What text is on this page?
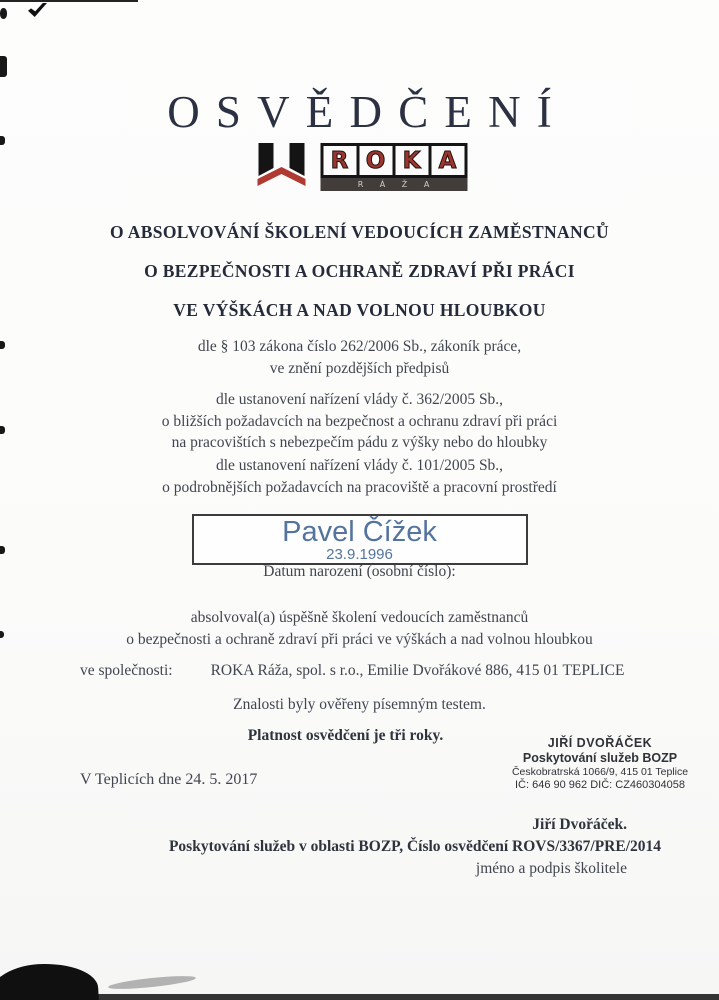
OSVĚDČENÍ
R O K A
R Á Ž A
O ABSOLVOVÁNÍ ŠKOLENÍ VEDOUCÍCH ZAMĚSTNANCŮ
O BEZPEČNOSTI A OCHRANĚ ZDRAVÍ PŘI PRÁCI
VE VÝŠKÁCH A NAD VOLNOU HLOUBKOU
dle § 103 zákona číslo 262/2006 Sb., zákoník práce,
ve znění pozdějších předpisů
dle ustanovení nařízení vlády č. 362/2005 Sb.,
o bližších požadavcích na bezpečnost a ochranu zdraví při práci
na pracovištích s nebezpečím pádu z výšky nebo do hloubky
dle ustanovení nařízení vlády č. 101/2005 Sb.,
o podrobnějších požadavcích na pracoviště a pracovní prostředí
Pavel Čížek
23.9.1996
Datum narození (osobní číslo):
absolvoval(a) úspěšně školení vedoucích zaměstnanců
o bezpečnosti a ochraně zdraví při práci ve výškách a nad volnou hloubkou
ve společnosti: ROKA Ráža, spol. s r.o., Emilie Dvořákové 886, 415 01 TEPLICE
Znalosti byly ověřeny písemným testem.
Platnost osvědčení je tři roky.	JIŘÍ DVOŘÁČEK
Poskytování služeb BOZP
Českobratrská 1066/9, 415 01 Teplice
IČ: 646 90 962 DIČ: CZ460304058
V Teplicích dne 24. 5. 2017
Jiří Dvořáček.
Poskytování služeb v oblasti BOZP, Číslo osvědčení ROVS/3367/PRE/2014
jméno a podpis školitele
